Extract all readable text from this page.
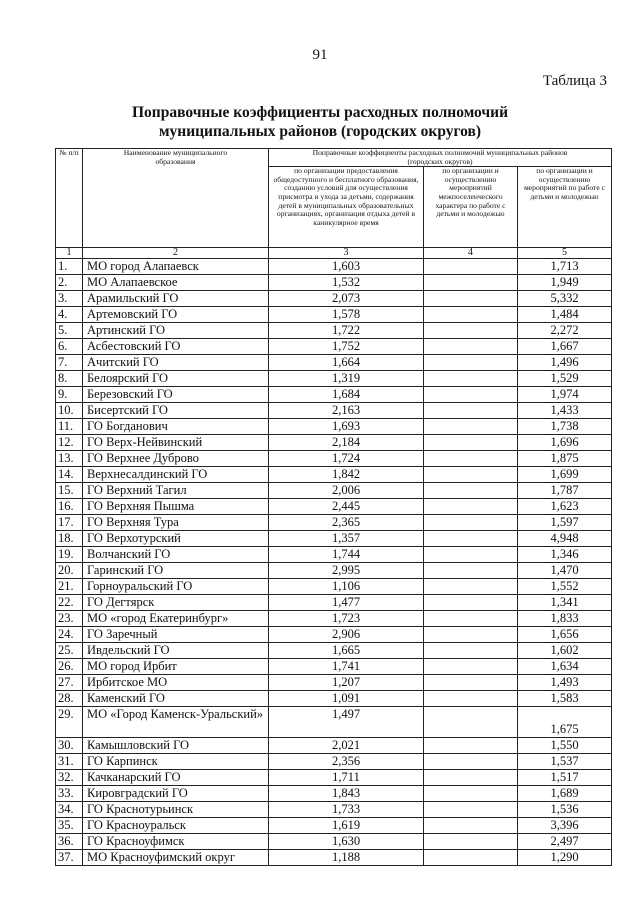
91
Таблица 3
Поправочные коэффициенты расходных полномочий
муниципальных районов (городских округов)
№ п/п	Наименование муниципального образования	Поправочные коэффициенты расходных полномочий муниципальных районов (городских округов)		

		по организации предоставления общедоступного и бесплатного образования, созданию условий для осуществления присмотра и ухода за детьми, содержания детей в муниципальных образовательных организациях, организация отдыха детей в каникулярное время	по организации и осуществлению мероприятий межпоселенческого характера по работе с детьми и молодежью	по организации и осуществлению мероприятий по работе с детьми и молодежью
1	2	3	4	5
1.	МО город Алапаевск	1,603		1,713
2.	МО Алапаевское	1,532		1,949
3.	Арамильский ГО	2,073		5,332
4.	Артемовский ГО	1,578		1,484
5.	Артинский ГО	1,722		2,272
6.	Асбестовский ГО	1,752		1,667
7.	Ачитский ГО	1,664		1,496
8.	Белоярский ГО	1,319		1,529
9.	Березовский ГО	1,684		1,974
10.	Бисертский ГО	2,163		1,433
11.	ГО Богданович	1,693		1,738
12.	ГО Верх-Нейвинский	2,184		1,696
13.	ГО Верхнее Дуброво	1,724		1,875
14.	Верхнесалдинский ГО	1,842		1,699
15.	ГО Верхний Тагил	2,006		1,787
16.	ГО Верхняя Пышма	2,445		1,623
17.	ГО Верхняя Тура	2,365		1,597
18.	ГО Верхотурский	1,357		4,948
19.	Волчанский ГО	1,744		1,346
20.	Гаринский ГО	2,995		1,470
21.	Горноуральский ГО	1,106		1,552
22.	ГО Дегтярск	1,477		1,341
23.	МО «город Екатеринбург»	1,723		1,833
24.	ГО Заречный	2,906		1,656
25.	Ивдельский ГО	1,665		1,602
26.	МО город Ирбит	1,741		1,634
27.	Ирбитское МО	1,207		1,493
28.	Каменский ГО	1,091		1,583
29.	МО «Город Каменск-Уральский»	1,497		1,675
30.	Камышловский ГО	2,021		1,550
31.	ГО Карпинск	2,356		1,537
32.	Качканарский ГО	1,711		1,517
33.	Кировградский ГО	1,843		1,689
34.	ГО Краснотурьинск	1,733		1,536
35.	ГО Красноуральск	1,619		3,396
36.	ГО Красноуфимск	1,630		2,497
37.	МО Красноуфимский округ	1,188		1,290
